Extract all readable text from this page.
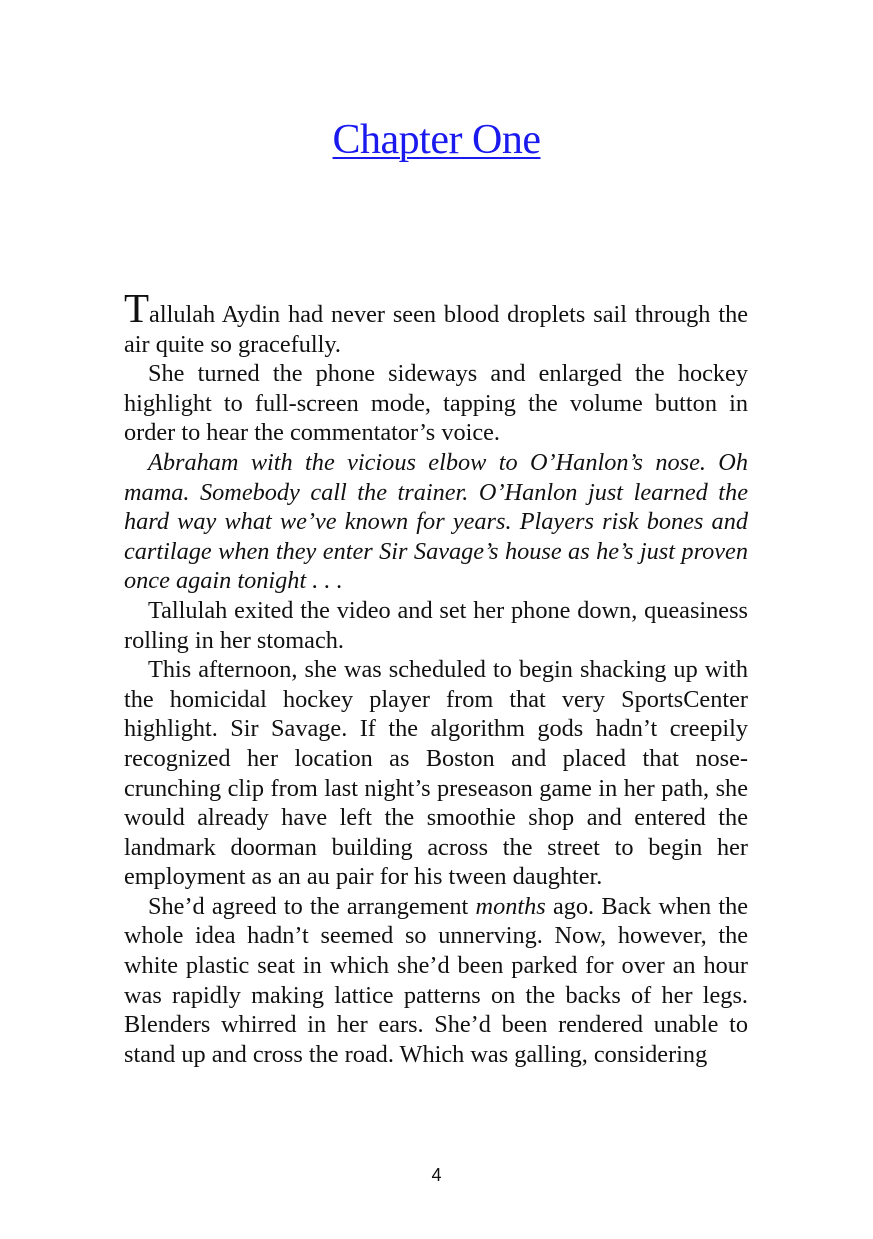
Chapter One

Tallulah Aydin had never seen blood droplets sail through the air quite so gracefully.

She turned the phone sideways and enlarged the hockey highlight to full-screen mode, tapping the volume button in order to hear the commentator’s voice.

Abraham with the vicious elbow to O’Hanlon’s nose. Oh mama. Somebody call the trainer. O’Hanlon just learned the hard way what we’ve known for years. Players risk bones and cartilage when they enter Sir Savage’s house as he’s just proven once again tonight . . .

Tallulah exited the video and set her phone down, queasiness rolling in her stomach.

This afternoon, she was scheduled to begin shacking up with the homicidal hockey player from that very SportsCenter highlight. Sir Savage. If the algorithm gods hadn’t creepily recognized her location as Boston and placed that nose-crunching clip from last night’s preseason game in her path, she would already have left the smoothie shop and entered the landmark doorman building across the street to begin her employment as an au pair for his tween daughter.

She’d agreed to the arrangement months ago. Back when the whole idea hadn’t seemed so unnerving. Now, however, the white plastic seat in which she’d been parked for over an hour was rapidly making lattice patterns on the backs of her legs. Blenders whirred in her ears. She’d been rendered unable to stand up and cross the road. Which was galling, considering

4
